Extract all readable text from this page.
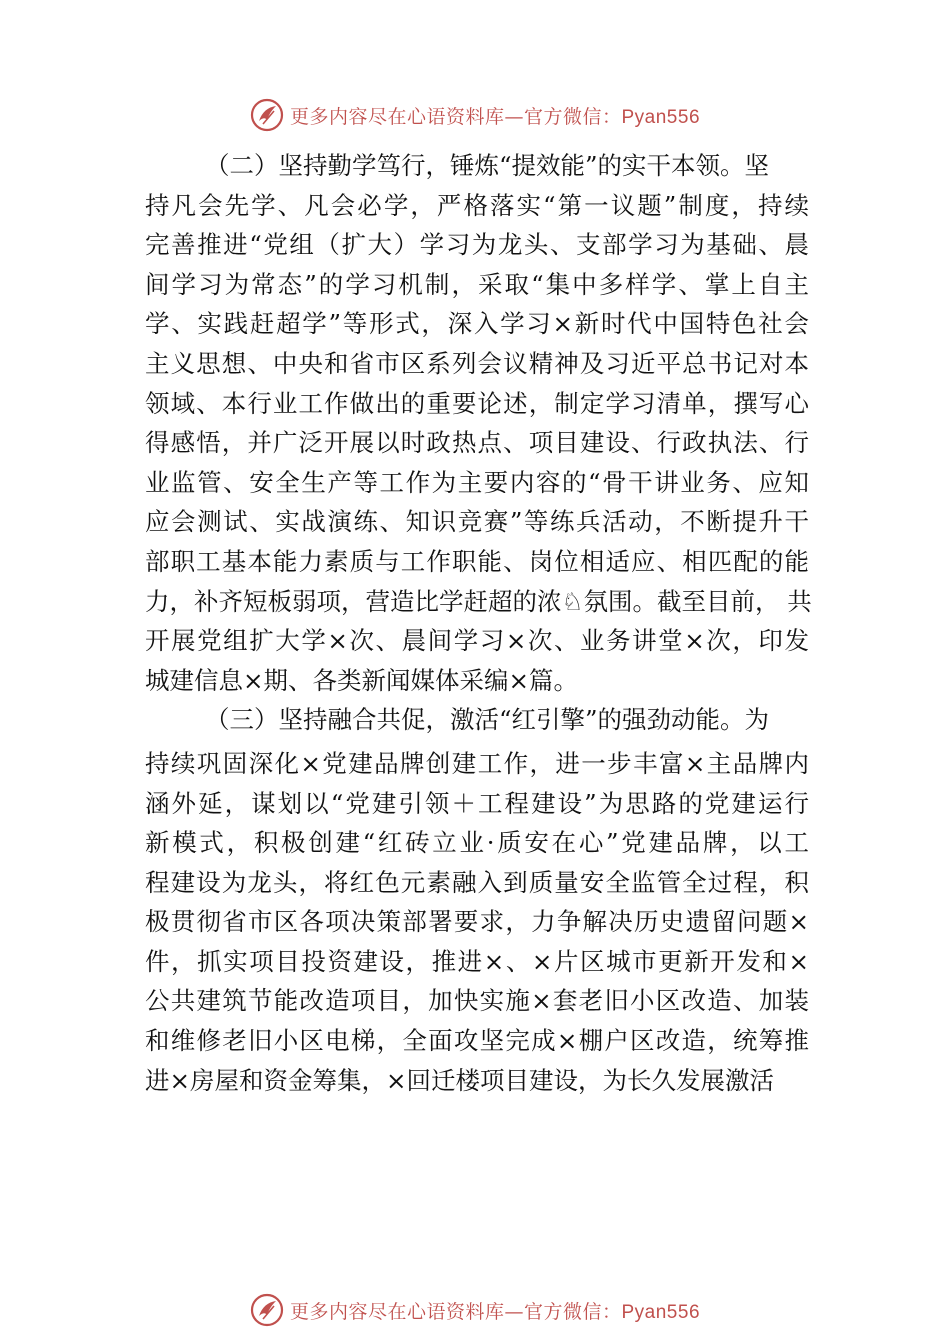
更多内容尽在心语资料库—官方微信：Pyan556
（二）坚持勤学笃行，锤炼“提效能”的实干本领。坚
持凡会先学、凡会必学，严格落实“第一议题”制度，持续
完善推进“党组（扩大）学习为龙头、支部学习为基础、晨
间学习为常态”的学习机制，采取“集中多样学、掌上自主
学、实践赶超学”等形式，深入学习×新时代中国特色社会
主义思想、中央和省市区系列会议精神及习近平总书记对本
领域、本行业工作做出的重要论述，制定学习清单，撰写心
得感悟，并广泛开展以时政热点、项目建设、行政执法、行
业监管、安全生产等工作为主要内容的“骨干讲业务、应知
应会测试、实战演练、知识竞赛”等练兵活动，不断提升干
部职工基本能力素质与工作职能、岗位相适应、相匹配的能
力，补齐短板弱项，营造比学赶超的浓♘氛围。截至目前， 共
开展党组扩大学×次、晨间学习×次、业务讲堂×次，印发
城建信息×期、各类新闻媒体采编×篇。
（三）坚持融合共促，激活“红引擎”的强劲动能。为
持续巩固深化×党建品牌创建工作，进一步丰富×主品牌内
涵外延，谋划以“党建引领＋工程建设”为思路的党建运行
新模式，积极创建“红砖立业·质安在心”党建品牌，以工
程建设为龙头，将红色元素融入到质量安全监管全过程，积
极贯彻省市区各项决策部署要求，力争解决历史遗留问题×
件，抓实项目投资建设，推进×、×片区城市更新开发和×
公共建筑节能改造项目，加快实施×套老旧小区改造、加装
和维修老旧小区电梯，全面攻坚完成×棚户区改造，统筹推
进×房屋和资金筹集，×回迁楼项目建设，为长久发展激活
更多内容尽在心语资料库—官方微信：Pyan556
